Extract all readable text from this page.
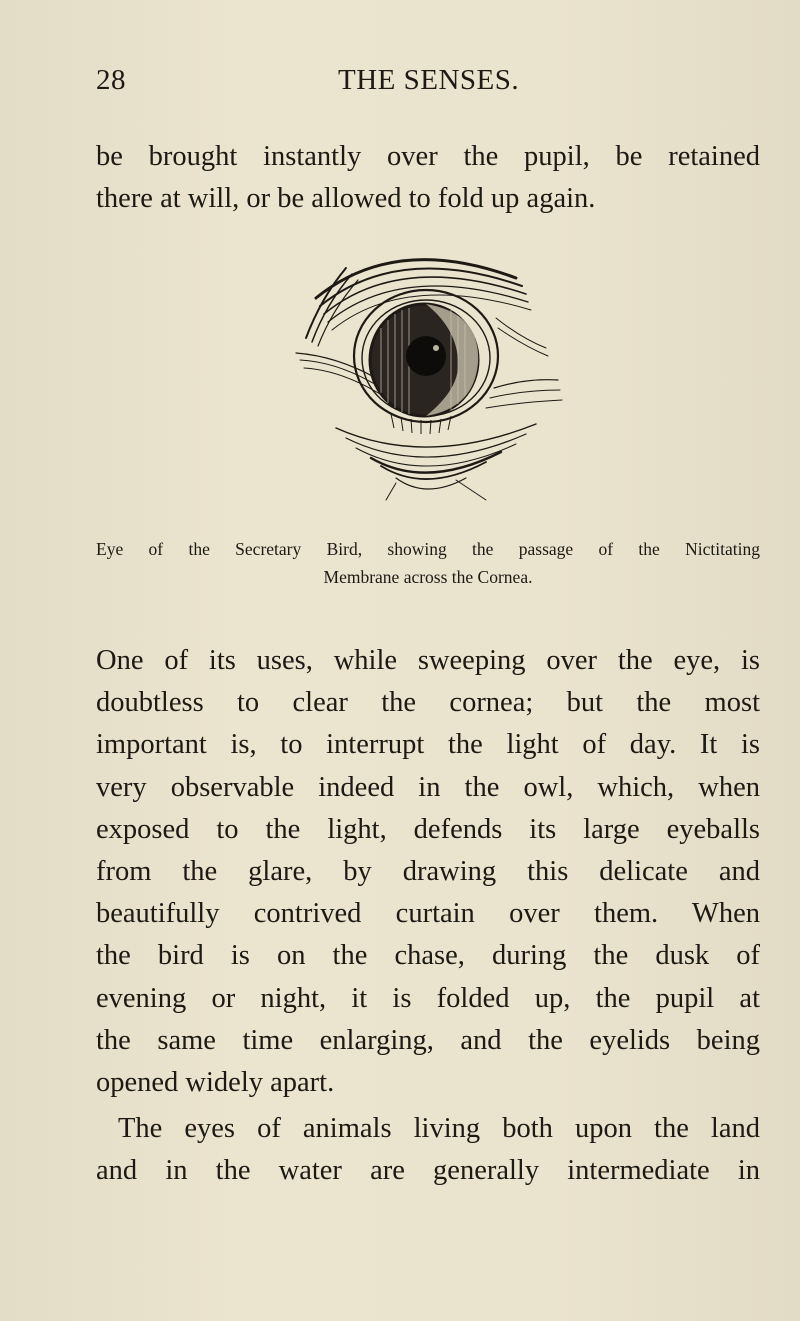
28	THE SENSES.

be brought instantly over the pupil, be retained
there at will, or be allowed to fold up again.

Eye of the Secretary Bird, showing the passage of the Nictitating
Membrane across the Cornea.

One of its uses, while sweeping over the eye, is
doubtless to clear the cornea; but the most
important is, to interrupt the light of day. It is
very observable indeed in the owl, which, when
exposed to the light, defends its large eyeballs
from the glare, by drawing this delicate and
beautifully contrived curtain over them. When
the bird is on the chase, during the dusk of
evening or night, it is folded up, the pupil at
the same time enlarging, and the eyelids being
opened widely apart.

The eyes of animals living both upon the land
and in the water are generally intermediate in
